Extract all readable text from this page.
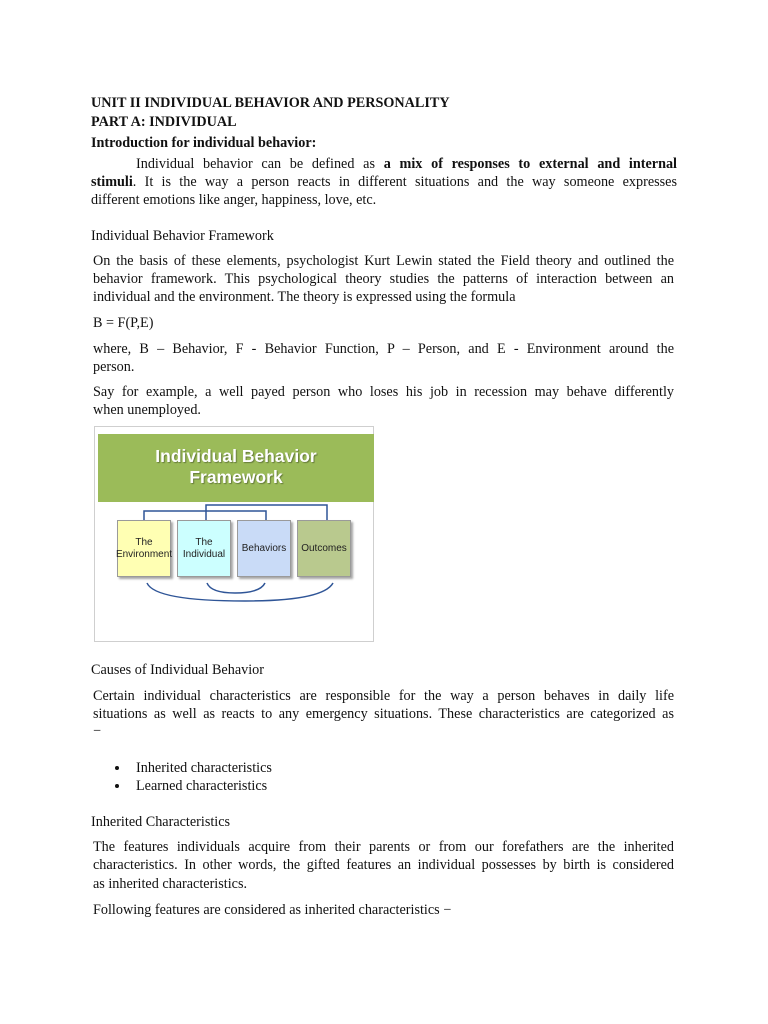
UNIT II INDIVIDUAL BEHAVIOR AND PERSONALITY
PART A: INDIVIDUAL
Introduction for individual behavior:
Individual behavior can be defined as a mix of responses to external and internal
stimuli. It is the way a person reacts in different situations and the way someone expresses
different emotions like anger, happiness, love, etc.
Individual Behavior Framework
On the basis of these elements, psychologist Kurt Lewin stated the Field theory and outlined the
behavior framework. This psychological theory studies the patterns of interaction between an
individual and the environment. The theory is expressed using the formula
B = F(P,E)
where, B – Behavior, F - Behavior Function, P – Person, and E - Environment around the
person.
Say for example, a well payed person who loses his job in recession may behave differently
when unemployed.
Individual Behavior
Framework
The
Environment
The
Individual
Behaviors Outcomes
Causes of Individual Behavior
Certain individual characteristics are responsible for the way a person behaves in daily life
situations as well as reacts to any emergency situations. These characteristics are categorized as
−
Inherited characteristics
Learned characteristics
Inherited Characteristics
The features individuals acquire from their parents or from our forefathers are the inherited
characteristics. In other words, the gifted features an individual possesses by birth is considered
as inherited characteristics.
Following features are considered as inherited characteristics −
